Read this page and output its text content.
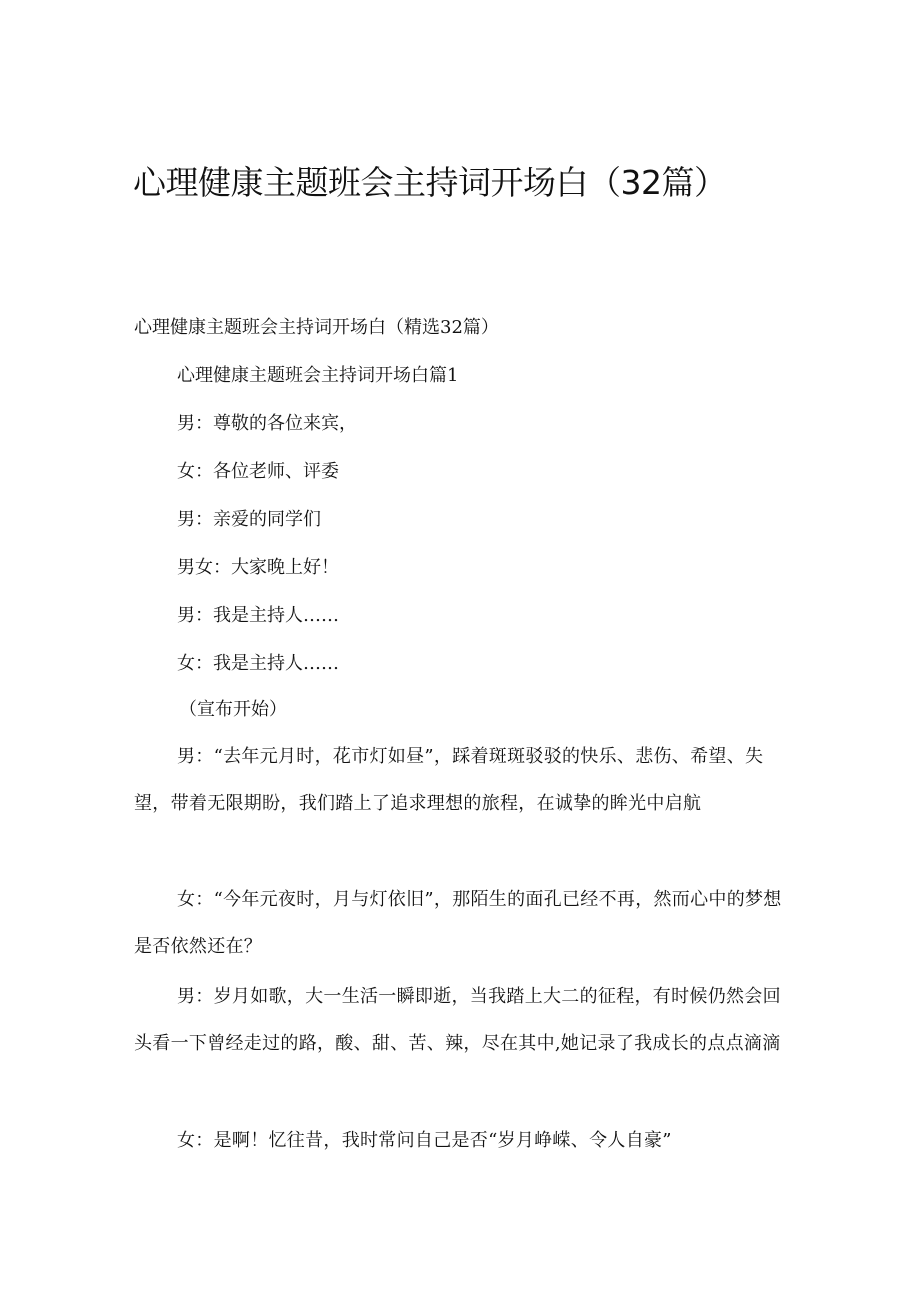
心理健康主题班会主持词开场白（32篇）

心理健康主题班会主持词开场白（精选32篇）

心理健康主题班会主持词开场白篇1

男：尊敬的各位来宾，

女：各位老师、评委

男：亲爱的同学们

男女：大家晚上好！

男：我是主持人……

女：我是主持人……

（宣布开始）

男：“去年元月时，花市灯如昼”，踩着斑斑驳驳的快乐、悲伤、希望、失望，带着无限期盼，我们踏上了追求理想的旅程，在诚挚的眸光中启航

女：“今年元夜时，月与灯依旧”，那陌生的面孔已经不再，然而心中的梦想是否依然还在？

男：岁月如歌，大一生活一瞬即逝，当我踏上大二的征程，有时候仍然会回头看一下曾经走过的路，酸、甜、苦、辣，尽在其中,她记录了我成长的点点滴滴

女：是啊！忆往昔，我时常问自己是否“岁月峥嵘、令人自豪”
